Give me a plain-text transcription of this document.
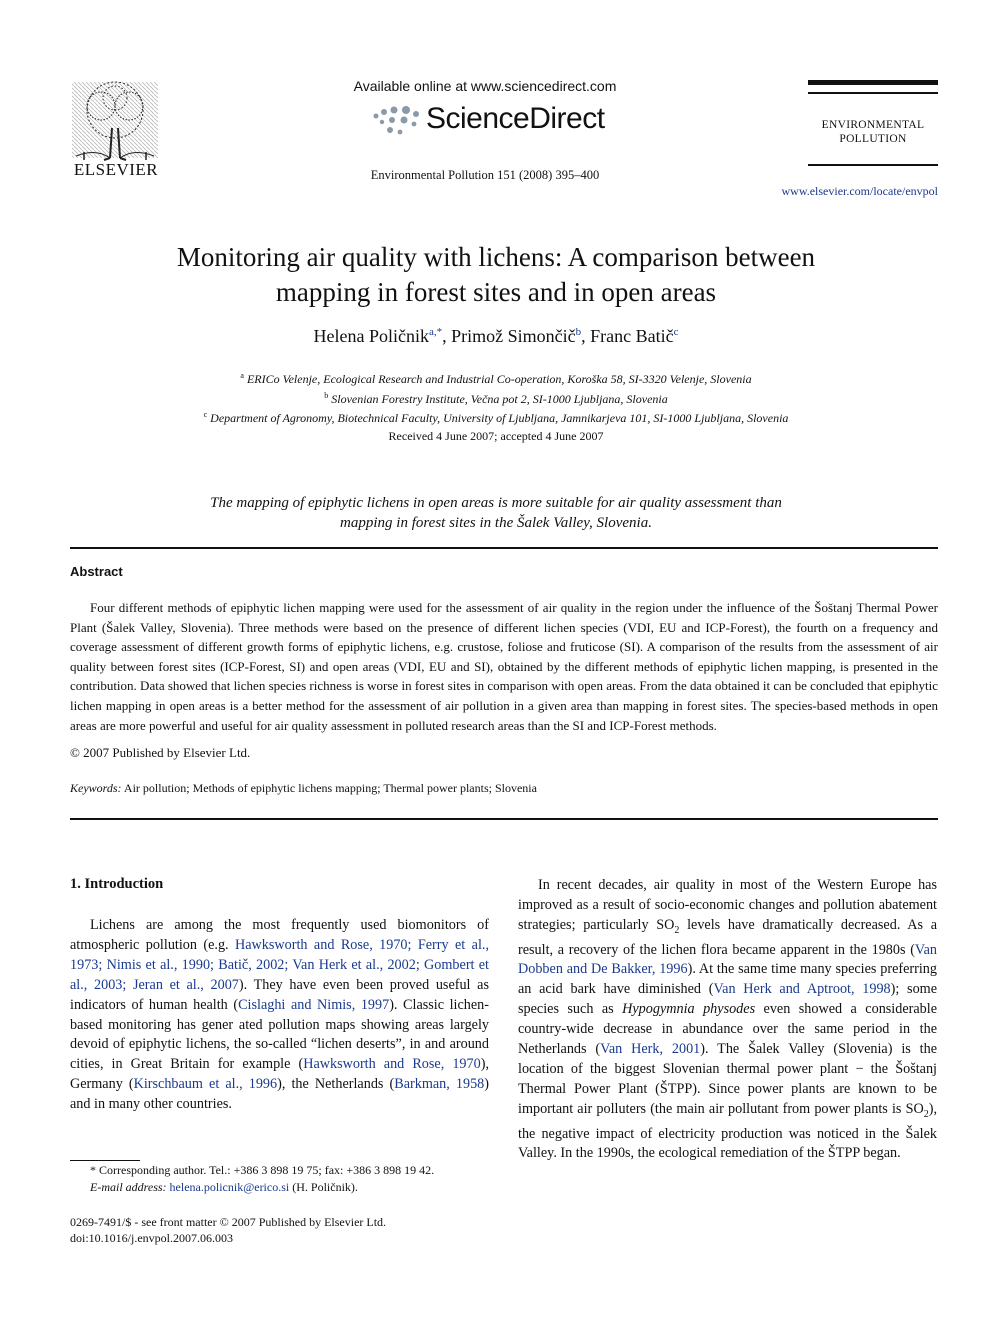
ELSEVIER
Available online at www.sciencedirect.com
ScienceDirect
Environmental Pollution 151 (2008) 395–400
ENVIRONMENTAL
POLLUTION
www.elsevier.com/locate/envpol
Monitoring air quality with lichens: A comparison between
mapping in forest sites and in open areas
Helena Poličnik$^{a,*}$, Primož Simončič$^b$, Franc Batič$^c$
$^a$ ERICo Velenje, Ecological Research and Industrial Co-operation, Koroška 58, SI-3320 Velenje, Slovenia
$^b$ Slovenian Forestry Institute, Večna pot 2, SI-1000 Ljubljana, Slovenia
$^c$ Department of Agronomy, Biotechnical Faculty, University of Ljubljana, Jamnikarjeva 101, SI-1000 Ljubljana, Slovenia
Received 4 June 2007; accepted 4 June 2007
The mapping of epiphytic lichens in open areas is more suitable for air quality assessment than
mapping in forest sites in the Šalek Valley, Slovenia.
Abstract
Four different methods of epiphytic lichen mapping were used for the assessment of air quality in the region under the influence of the Šoštanj Thermal Power Plant (Šalek Valley, Slovenia). Three methods were based on the presence of different lichen species (VDI, EU and ICP-Forest), the fourth on a frequency and coverage assessment of different growth forms of epiphytic lichens, e.g. crustose, foliose and fruticose (SI). A comparison of the results from the assessment of air quality between forest sites (ICP-Forest, SI) and open areas (VDI, EU and SI), obtained by the different methods of epiphytic lichen mapping, is presented in the contribution. Data showed that lichen species richness is worse in forest sites in comparison with open areas. From the data obtained it can be concluded that epiphytic lichen mapping in open areas is a better method for the assessment of air pollution in a given area than mapping in forest sites. The species-based methods in open areas are more powerful and useful for air quality assessment in polluted research areas than the SI and ICP-Forest methods.
© 2007 Published by Elsevier Ltd.
Keywords: Air pollution; Methods of epiphytic lichens mapping; Thermal power plants; Slovenia
1. Introduction
Lichens are among the most frequently used biomonitors of atmospheric pollution (e.g. Hawksworth and Rose, 1970; Ferry et al., 1973; Nimis et al., 1990; Batič, 2002; Van Herk et al., 2002; Gombert et al., 2003; Jeran et al., 2007). They have even been proved useful as indicators of human health (Cislaghi and Nimis, 1997). Classic lichen-based monitoring has gener ated pollution maps showing areas largely devoid of epiphytic lichens, the so-called “lichen deserts”, in and around cities, in Great Britain for example (Hawksworth and Rose, 1970), Germany (Kirschbaum et al., 1996), the Netherlands (Barkman, 1958) and in many other countries.
In recent decades, air quality in most of the Western Europe has improved as a result of socio-economic changes and pollution abatement strategies; particularly $SO_2$ levels have dramatically decreased. As a result, a recovery of the lichen flora became apparent in the 1980s (Van Dobben and De Bakker, 1996). At the same time many species preferring an acid bark have diminished (Van Herk and Aptroot, 1998); some species such as Hypogymnia physodes even showed a considerable country-wide decrease in abundance over the same period in the Netherlands (Van Herk, 2001). The Šalek Valley (Slovenia) is the location of the biggest Slovenian thermal power plant − the Šoštanj Thermal Power Plant (ŠTPP). Since power plants are known to be important air polluters (the main air pollutant from power plants is $SO_2$), the negative impact of electricity production was noticed in the Šalek Valley. In the 1990s, the ecological remediation of the ŠTPP began.
* Corresponding author. Tel.: +386 3 898 19 75; fax: +386 3 898 19 42.
E-mail address: helena.policnik@erico.si (H. Poličnik).
0269-7491/$ - see front matter © 2007 Published by Elsevier Ltd.
doi:10.1016/j.envpol.2007.06.003
